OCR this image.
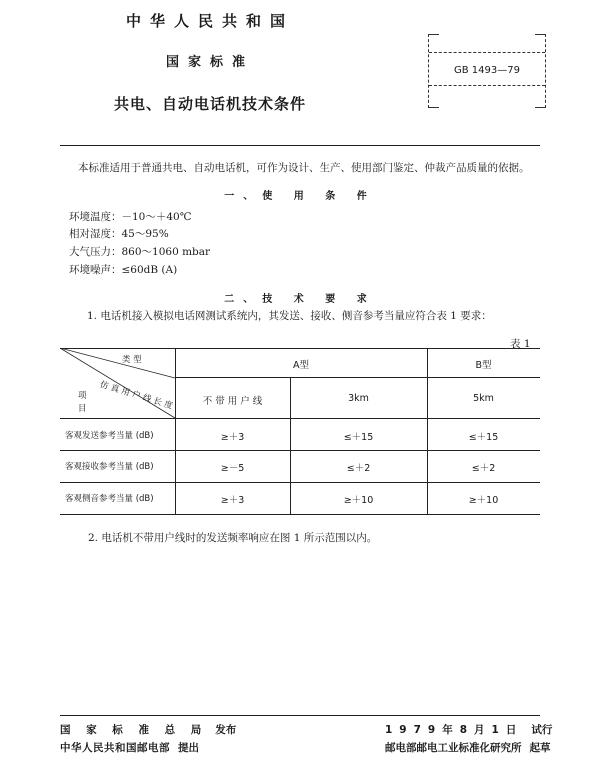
中华人民共和国
国家标准
共电、自动电话机技术条件
GB 1493—79
本标准适用于普通共电、自动电话机，可作为设计、生产、使用部门鉴定、仲裁产品质量的依据。
一、使 用 条 件
环境温度：－10～＋40℃
相对湿度：45～95%
大气压力：860～1060 mbar
环境噪声：≤60dB (A)
二、技 术 要 求
1. 电话机接入模拟电话网测试系统内，其发送、接收、侧音参考当量应符合表 1 要求：
表 1
类 型
仿 真 用 户 线 长 度
项
目
A型	B型
不 带 用 户 线	3km	5km
客观发送参考当量 (dB)	≥＋3	≤＋15	≤＋15
客观接收参考当量 (dB)	≥－5	≤＋2	≤＋2
客观侧音参考当量 (dB)	≥＋3	≥＋10	≥＋10
2. 电话机不带用户线时的发送频率响应在图 1 所示范围以内。
国 家 标 准 总 局 发布
中华人民共和国邮电部 提出
1979年8月1日 试行
邮电部邮电工业标准化研究所 起草
